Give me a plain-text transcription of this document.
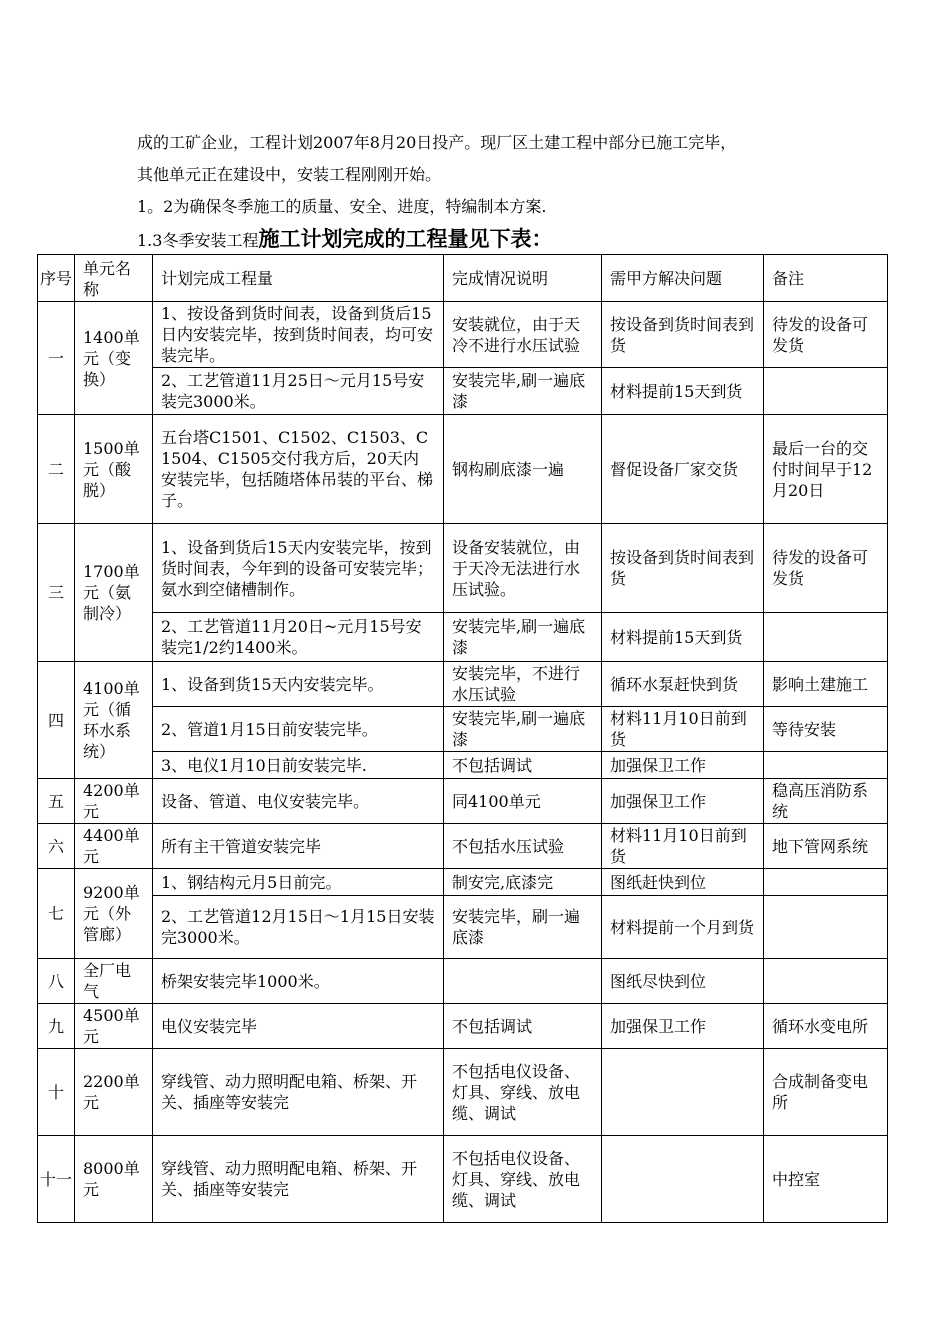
成的工矿企业，工程计划2007年8月20日投产。现厂区土建工程中部分已施工完毕，
其他单元正在建设中，安装工程刚刚开始。
1。2为确保冬季施工的质量、安全、进度，特编制本方案.
1.3冬季安装工程施工计划完成的工程量见下表：
序号	单元名称	计划完成工程量	完成情况说明	需甲方解决问题	备注
一	1400单元（变换）	1、按设备到货时间表，设备到货后15日内安装完毕，按到货时间表，均可安装完毕。	安装就位，由于天冷不进行水压试验	按设备到货时间表到货	待发的设备可发货
		2、工艺管道11月25日～元月15号安装完3000米。	安装完毕,刷一遍底漆	材料提前15天到货	
二	1500单元（酸脱）	五台塔C1501、C1502、C1503、C1504、C1505交付我方后，20天内安装完毕，包括随塔体吊装的平台、梯子。	钢构刷底漆一遍	督促设备厂家交货	最后一台的交付时间早于12月20日
三	1700单元（氨制冷）	1、设备到货后15天内安装完毕，按到货时间表，今年到的设备可安装完毕；氨水到空储槽制作。	设备安装就位，由于天冷无法进行水压试验。	按设备到货时间表到货	待发的设备可发货
		2、工艺管道11月20日~元月15号安装完1/2约1400米。	安装完毕,刷一遍底漆	材料提前15天到货	
四	4100单元（循环水系统）	1、设备到货15天内安装完毕。	安装完毕，不进行水压试验	循环水泵赶快到货	影响土建施工
		2、管道1月15日前安装完毕。	安装完毕,刷一遍底漆	材料11月10日前到货	等待安装
		3、电仪1月10日前安装完毕.	不包括调试	加强保卫工作	
五	4200单元	设备、管道、电仪安装完毕。	同4100单元	加强保卫工作	稳高压消防系统
六	4400单元	所有主干管道安装完毕	不包括水压试验	材料11月10日前到货	地下管网系统
七	9200单元（外管廊）	1、钢结构元月5日前完。	制安完,底漆完	图纸赶快到位	
		2、工艺管道12月15日～1月15日安装完3000米。	安装完毕，刷一遍底漆	材料提前一个月到货	
八	全厂电气	桥架安装完毕1000米。		图纸尽快到位	
九	4500单元	电仪安装完毕	不包括调试	加强保卫工作	循环水变电所
十	2200单元	穿线管、动力照明配电箱、桥架、开关、插座等安装完	不包括电仪设备、灯具、穿线、放电缆、调试		合成制备变电所
十一	8000单元	穿线管、动力照明配电箱、桥架、开关、插座等安装完	不包括电仪设备、灯具、穿线、放电缆、调试		中控室
